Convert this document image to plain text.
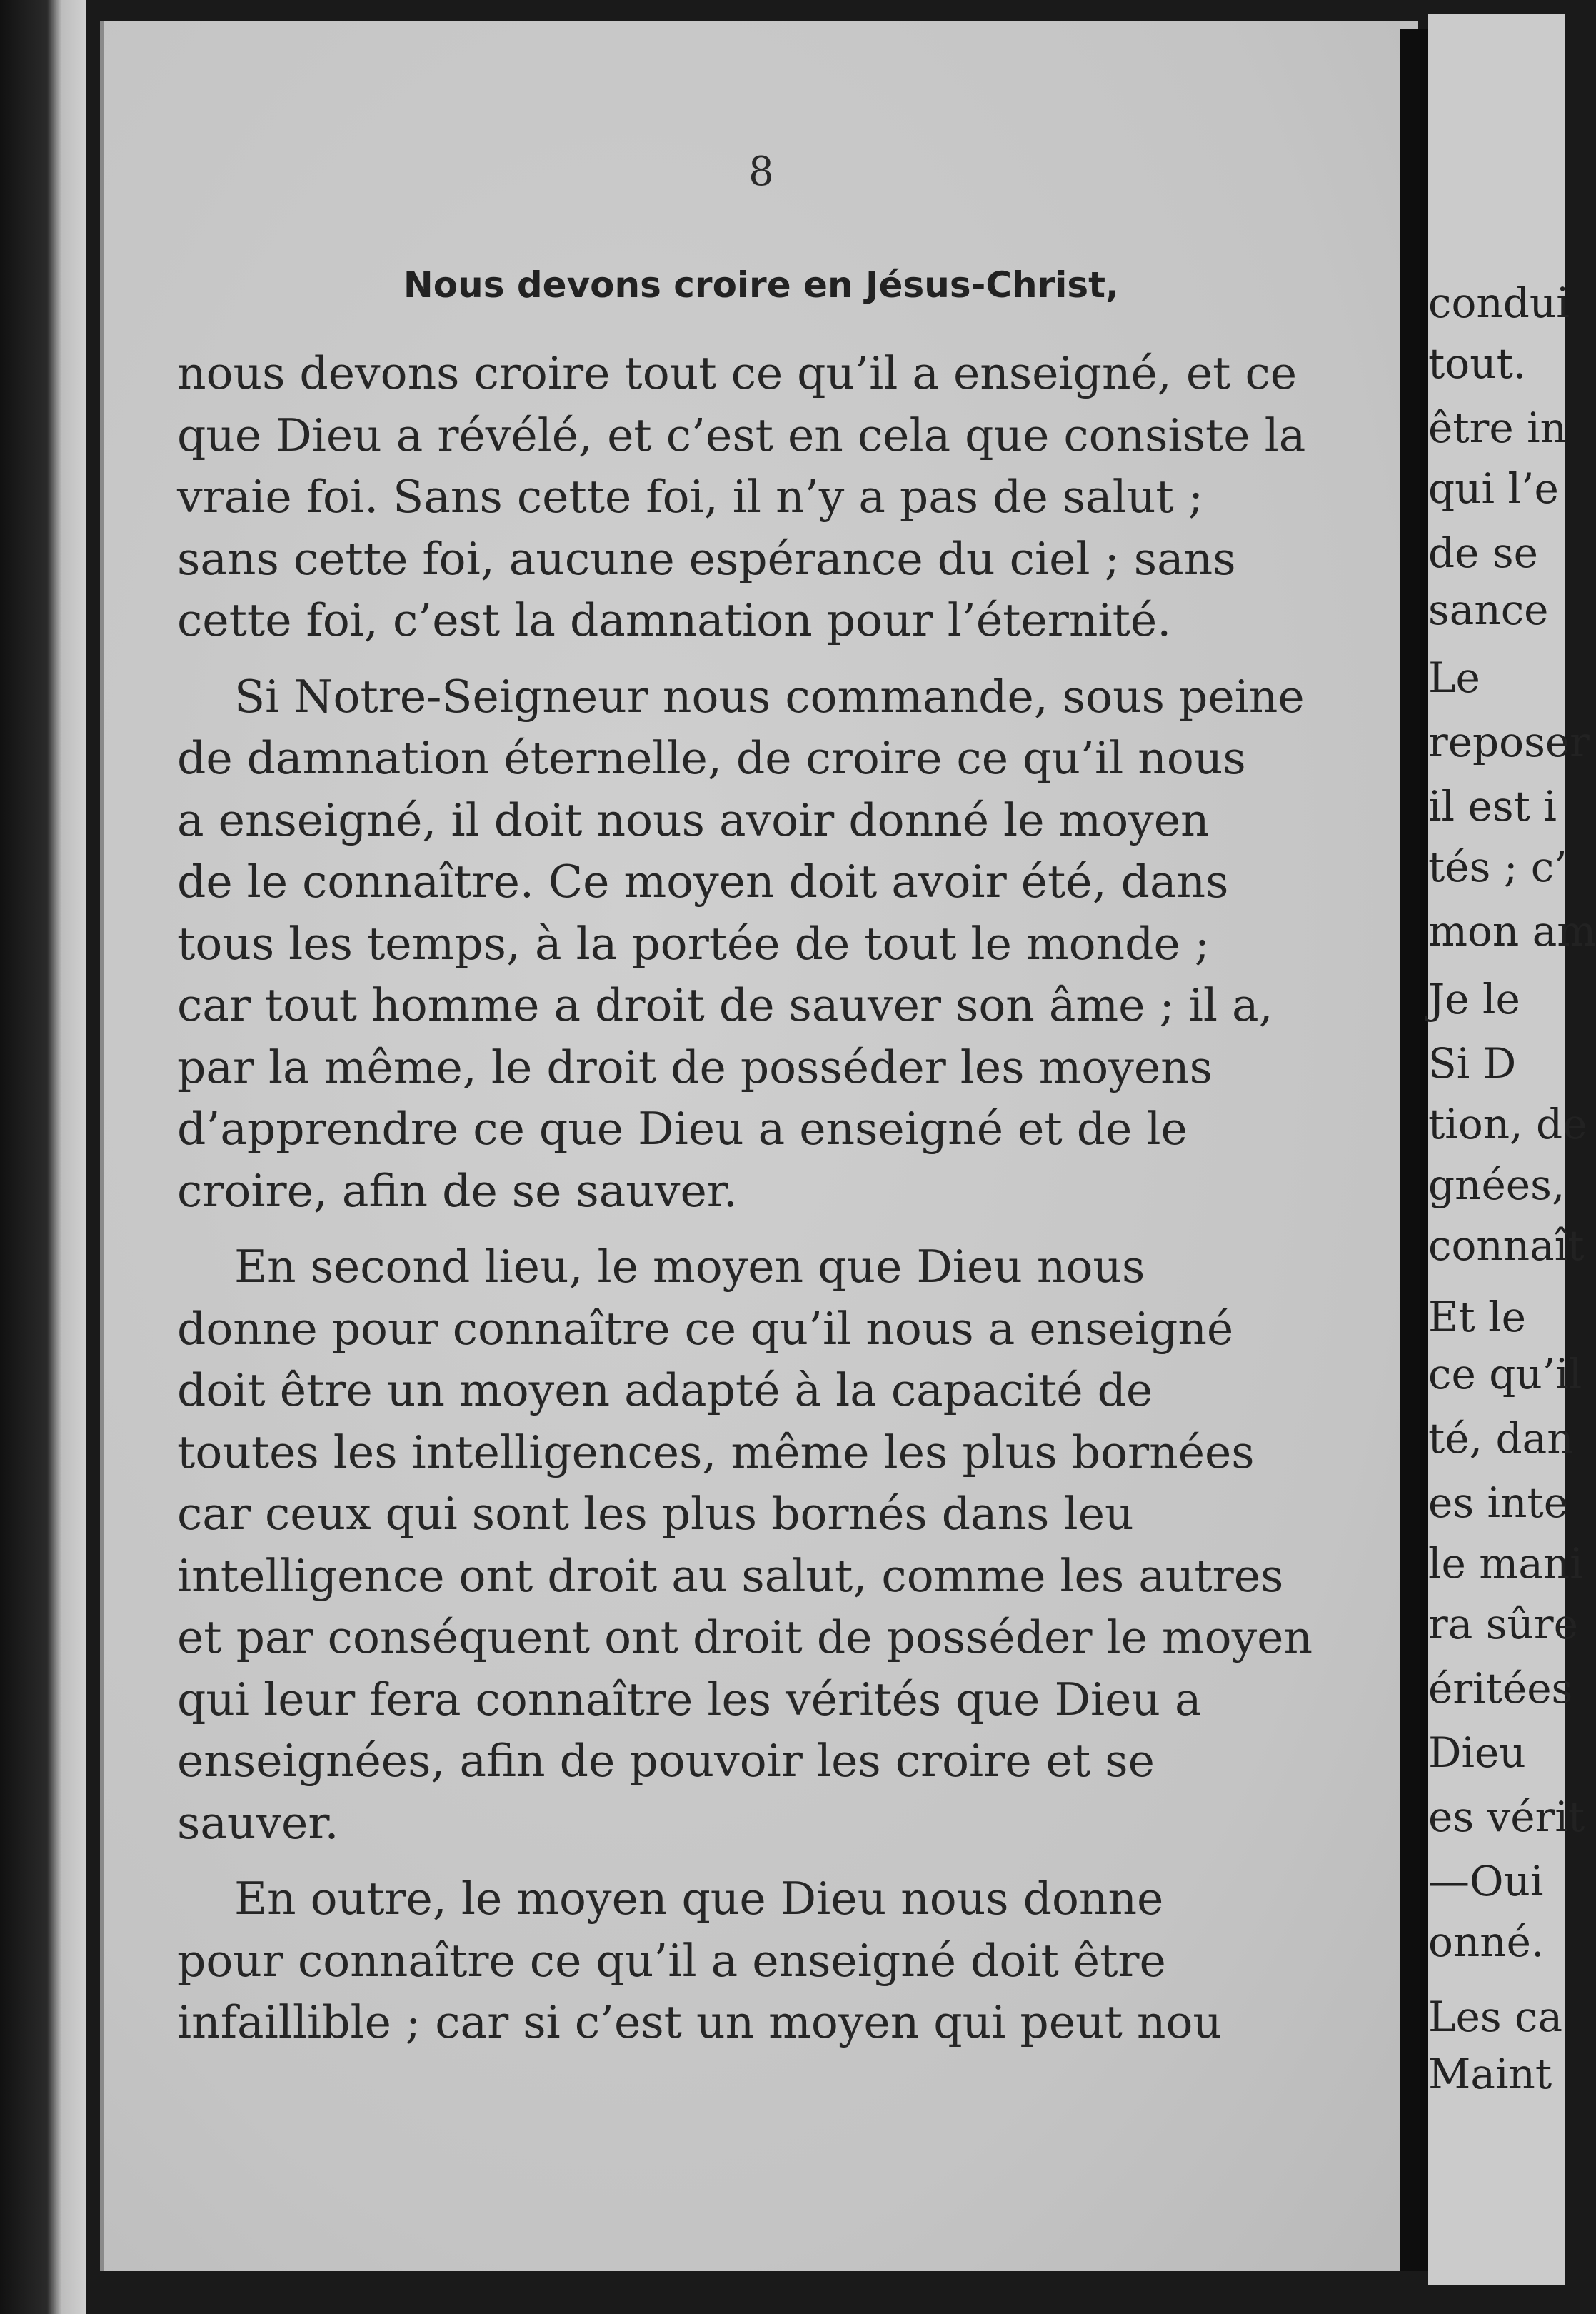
8
Nous devons croire en Jésus-Christ,

nous devons croire tout ce qu’il a enseigné, et ce
que Dieu a révélé, et c’est en cela que consiste la
vraie foi. Sans cette foi, il n’y a pas de salut ;
sans cette foi, aucune espérance du ciel ; sans
cette foi, c’est la damnation pour l’éternité.

Si Notre-Seigneur nous commande, sous peine
de damnation éternelle, de croire ce qu’il nous
a enseigné, il doit nous avoir donné le moyen
de le connaître. Ce moyen doit avoir été, dans
tous les temps, à la portée de tout le monde ;
car tout homme a droit de sauver son âme ; il a,
par la même, le droit de posséder les moyens
d’apprendre ce que Dieu a enseigné et de le
croire, afin de se sauver.

En second lieu, le moyen que Dieu nous
donne pour connaître ce qu’il nous a enseigné
doit être un moyen adapté à la capacité de
toutes les intelligences, même les plus bornées
car ceux qui sont les plus bornés dans leu
intelligence ont droit au salut, comme les autres
et par conséquent ont droit de posséder le moyen
qui leur fera connaître les vérités que Dieu a
enseignées, afin de pouvoir les croire et se
sauver.

En outre, le moyen que Dieu nous donne
pour connaître ce qu’il a enseigné doit être
infaillible ; car si c’est un moyen qui peut nou

condui
tout.
être in
qui l’e
de se
sance
Le
reposer
il est i
tés ; c’
mon am
Je le
Si D
tion, de
gnées,
connaît
Et le
ce qu’il
té, dan
es inte
le mani
ra sûre
éritées
Dieu
es vérit
—Oui
onné.
Les ca
Maint
